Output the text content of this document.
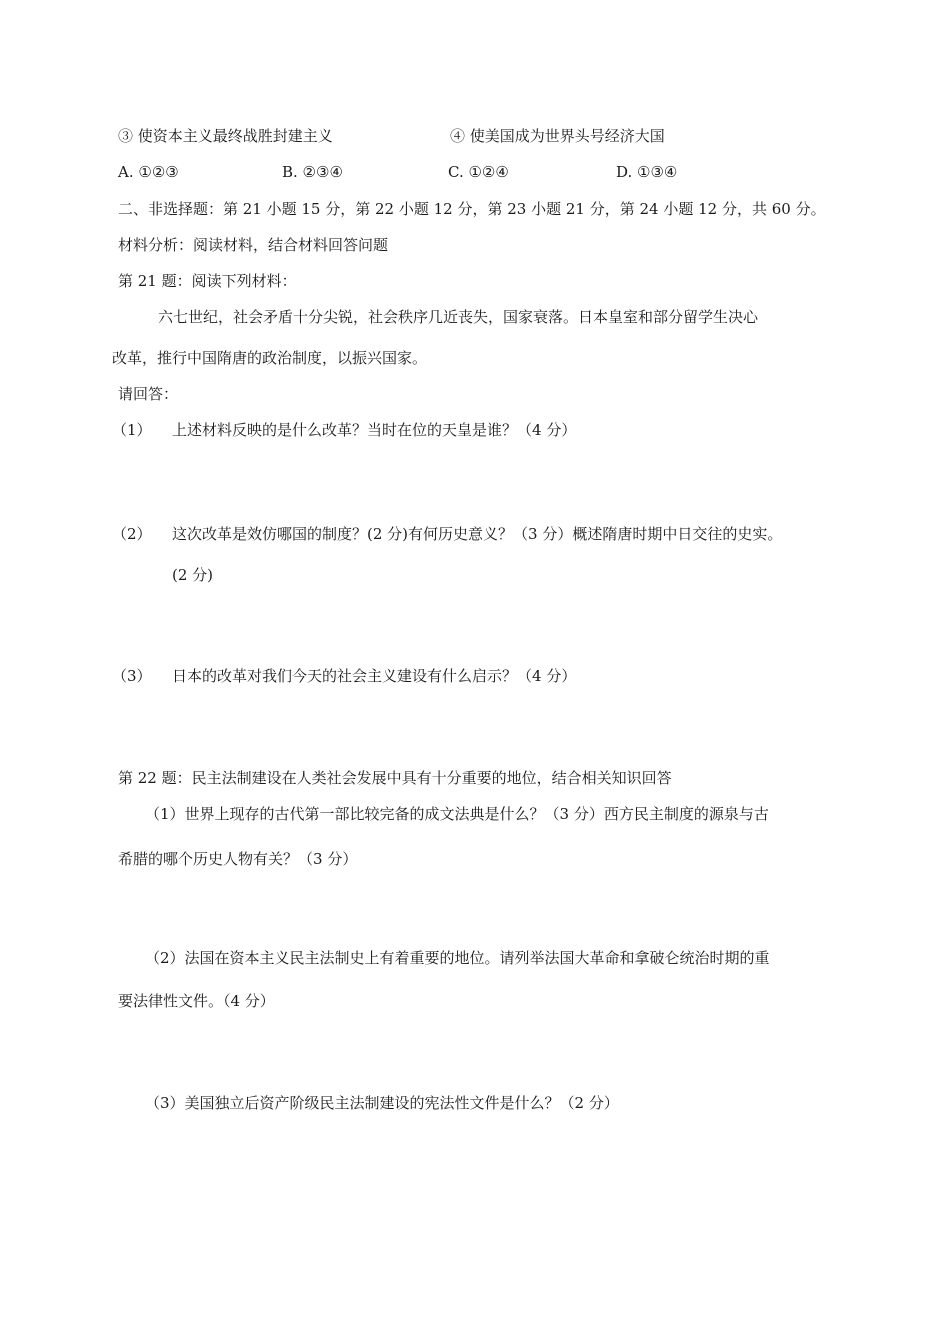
③ 使资本主义最终战胜封建主义	④ 使美国成为世界头号经济大国
A. ①②③	B. ②③④	C. ①②④	D. ①③④
二、非选择题：第 21 小题 15 分，第 22 小题 12 分，第 23 小题 21 分，第 24 小题 12 分，共 60 分。
材料分析：阅读材料，结合材料回答问题
第 21 题：阅读下列材料：
六七世纪，社会矛盾十分尖锐，社会秩序几近丧失，国家衰落。日本皇室和部分留学生决心
改革，推行中国隋唐的政治制度，以振兴国家。
请回答：
（1） 上述材料反映的是什么改革？当时在位的天皇是谁？（4 分）
（2） 这次改革是效仿哪国的制度？(2 分)有何历史意义？（3 分）概述隋唐时期中日交往的史实。
(2 分)
（3） 日本的改革对我们今天的社会主义建设有什么启示？（4 分）
第 22 题：民主法制建设在人类社会发展中具有十分重要的地位，结合相关知识回答
（1）世界上现存的古代第一部比较完备的成文法典是什么？（3 分）西方民主制度的源泉与古
希腊的哪个历史人物有关？（3 分）
（2）法国在资本主义民主法制史上有着重要的地位。请列举法国大革命和拿破仑统治时期的重
要法律性文件。（4 分）
（3）美国独立后资产阶级民主法制建设的宪法性文件是什么？（2 分）
